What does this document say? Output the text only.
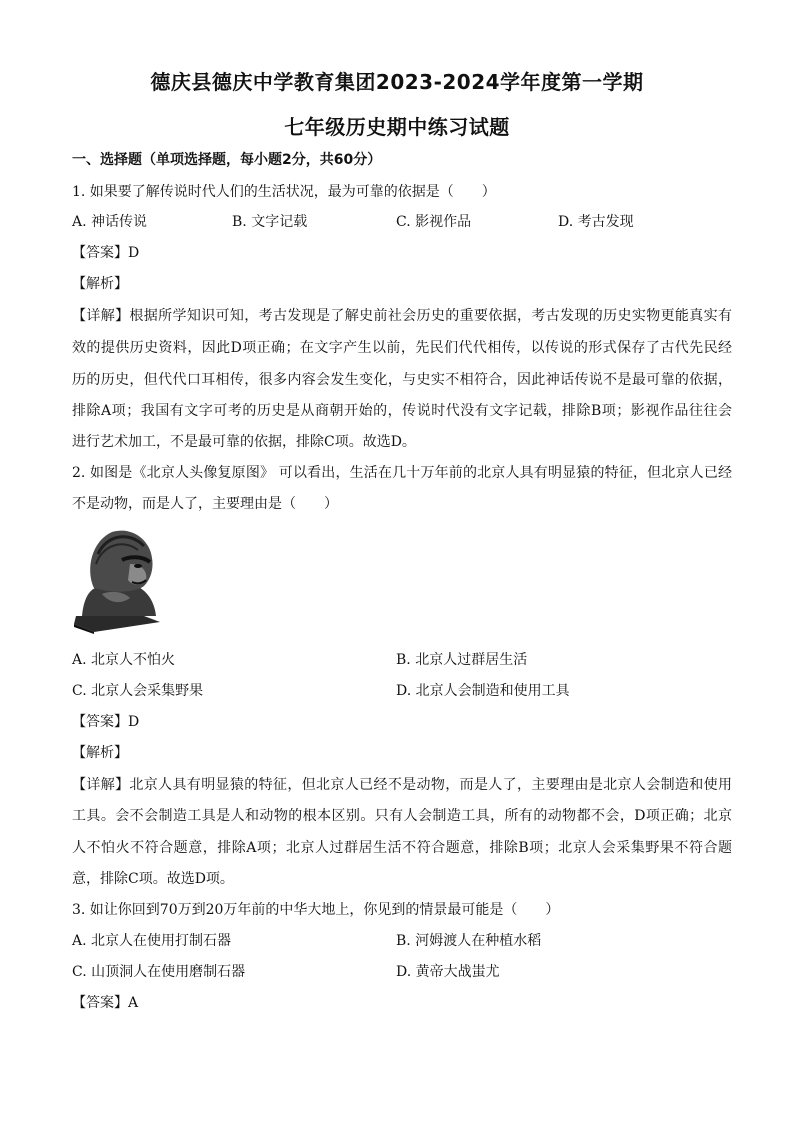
德庆县德庆中学教育集团2023-2024学年度第一学期
七年级历史期中练习试题
一、选择题（单项选择题，每小题2分，共60分）
1. 如果要了解传说时代人们的生活状况，最为可靠的依据是（　　）
A. 神话传说	B. 文字记载	C. 影视作品	D. 考古发现
【答案】D
【解析】
【详解】根据所学知识可知，考古发现是了解史前社会历史的重要依据，考古发现的历史实物更能真实有
效的提供历史资料，因此D项正确；在文字产生以前，先民们代代相传，以传说的形式保存了古代先民经
历的历史，但代代口耳相传，很多内容会发生变化，与史实不相符合，因此神话传说不是最可靠的依据，
排除A项；我国有文字可考的历史是从商朝开始的，传说时代没有文字记载，排除B项；影视作品往往会
进行艺术加工，不是最可靠的依据，排除C项。故选D。
2. 如图是《北京人头像复原图》 可以看出，生活在几十万年前的北京人具有明显猿的特征，但北京人已经
不是动物，而是人了，主要理由是（　　）
A. 北京人不怕火	B. 北京人过群居生活
C. 北京人会采集野果	D. 北京人会制造和使用工具
【答案】D
【解析】
【详解】北京人具有明显猿的特征，但北京人已经不是动物，而是人了，主要理由是北京人会制造和使用
工具。会不会制造工具是人和动物的根本区别。只有人会制造工具，所有的动物都不会，D项正确；北京
人不怕火不符合题意，排除A项；北京人过群居生活不符合题意，排除B项；北京人会采集野果不符合题
意，排除C项。故选D项。
3. 如让你回到70万到20万年前的中华大地上，你见到的情景最可能是（　　）
A. 北京人在使用打制石器	B. 河姆渡人在种植水稻
C. 山顶洞人在使用磨制石器	D. 黄帝大战蚩尤
【答案】A
